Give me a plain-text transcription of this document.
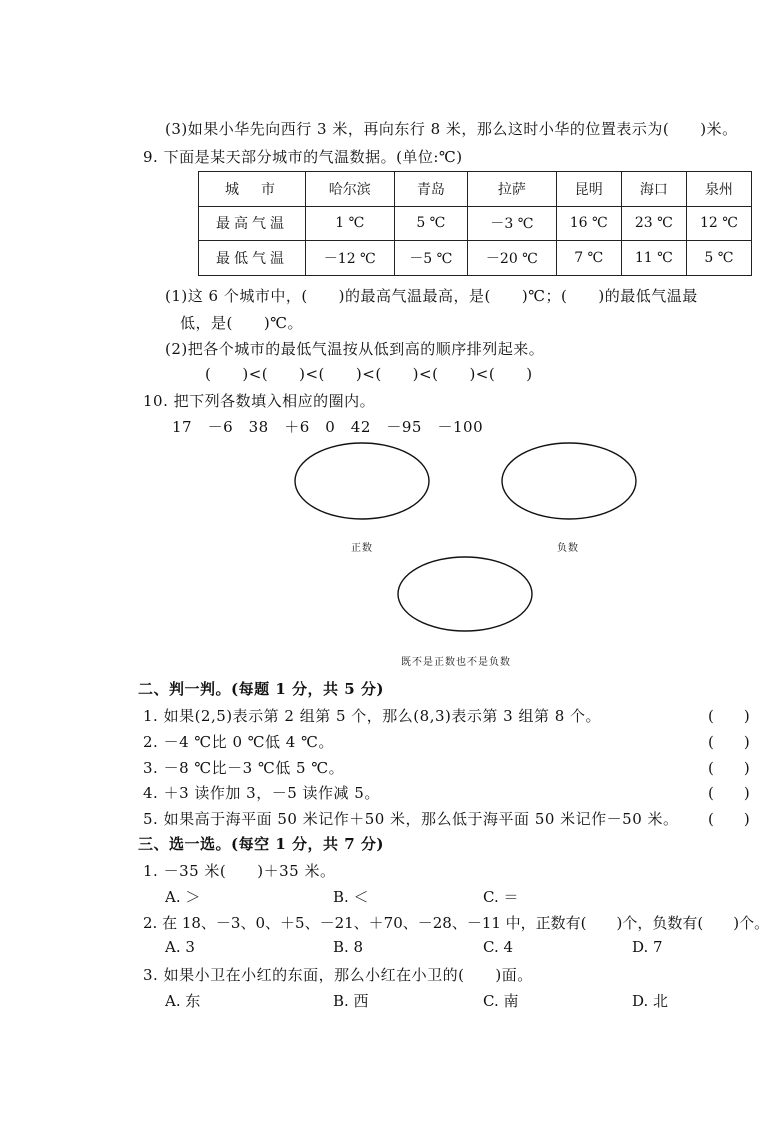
(3)如果小华先向西行 3 米，再向东行 8 米，那么这时小华的位置表示为(　　)米。
9. 下面是某天部分城市的气温数据。(单位:℃)
城　市	哈尔滨	青岛	拉萨	昆明	海口	泉州
最高气温	1 ℃	5 ℃	－3 ℃	16 ℃	23 ℃	12 ℃
最低气温	－12 ℃	－5 ℃	－20 ℃	7 ℃	11 ℃	5 ℃
(1)这 6 个城市中，(　　)的最高气温最高，是(　　)℃；(　　)的最低气温最
低，是(　　)℃。
(2)把各个城市的最低气温按从低到高的顺序排列起来。
(　　)<(　　)<(　　)<(　　)<(　　)<(　　)
10. 把下列各数填入相应的圈内。
17　－6　38　＋6　0　42　－95　－100
正数	负数
既不是正数也不是负数
二、判一判。(每题 1 分，共 5 分)
1. 如果(2,5)表示第 2 组第 5 个，那么(8,3)表示第 3 组第 8 个。	(　　)
2. －4 ℃比 0 ℃低 4 ℃。	(　　)
3. －8 ℃比－3 ℃低 5 ℃。	(　　)
4. ＋3 读作加 3，－5 读作减 5。	(　　)
5. 如果高于海平面 50 米记作＋50 米，那么低于海平面 50 米记作－50 米。 (　　)
三、选一选。(每空 1 分，共 7 分)
1. －35 米(　　)＋35 米。
A. ＞	B. ＜	C. ＝
2. 在 18、－3、0、＋5、－21、＋70、－28、－11 中，正数有(　　)个，负数有(　　)个。
A. 3	B. 8	C. 4	D. 7
3. 如果小卫在小红的东面，那么小红在小卫的(　　)面。
A. 东	B. 西	C. 南	D. 北
